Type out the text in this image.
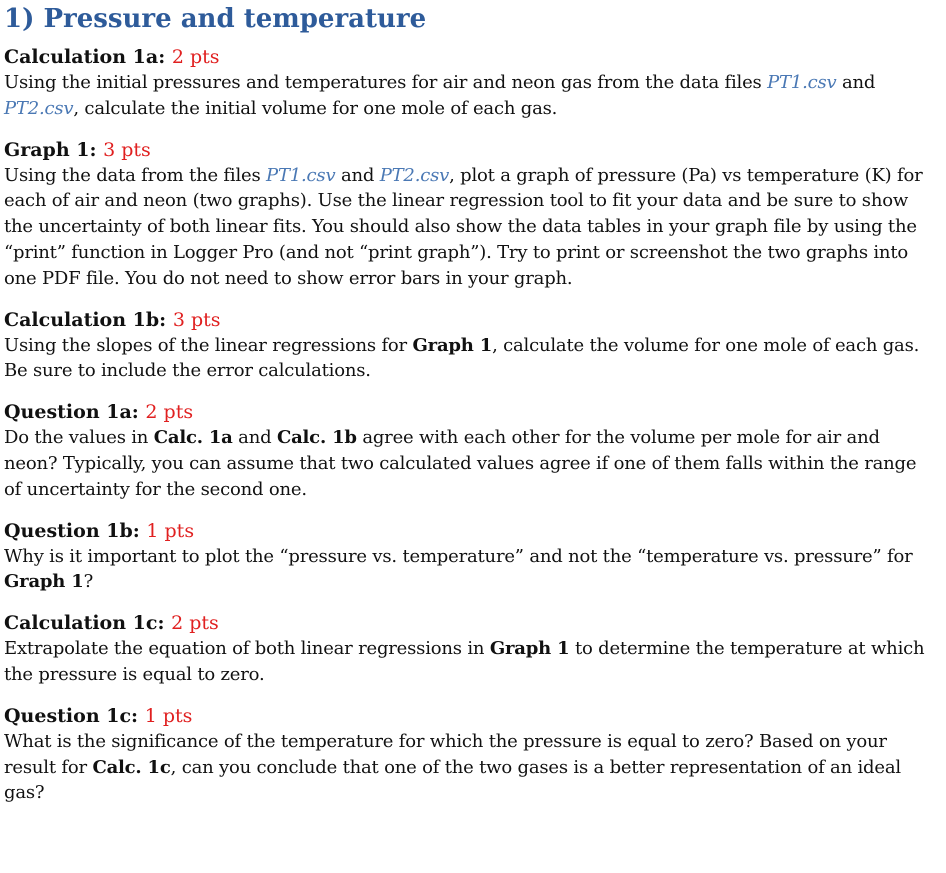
1) Pressure and temperature

Calculation 1a: 2 pts

Using the initial pressures and temperatures for air and neon gas from the data files PT1.csv and PT2.csv, calculate the initial volume for one mole of each gas.

Graph 1: 3 pts

Using the data from the files PT1.csv and PT2.csv, plot a graph of pressure (Pa) vs temperature (K) for each of air and neon (two graphs). Use the linear regression tool to fit your data and be sure to show the uncertainty of both linear fits. You should also show the data tables in your graph file by using the “print” function in Logger Pro (and not “print graph”). Try to print or screenshot the two graphs into one PDF file. You do not need to show error bars in your graph.

Calculation 1b: 3 pts

Using the slopes of the linear regressions for Graph 1, calculate the volume for one mole of each gas. Be sure to include the error calculations.

Question 1a: 2 pts

Do the values in Calc. 1a and Calc. 1b agree with each other for the volume per mole for air and neon? Typically, you can assume that two calculated values agree if one of them falls within the range of uncertainty for the second one.

Question 1b: 1 pts

Why is it important to plot the “pressure vs. temperature” and not the “temperature vs. pressure” for Graph 1?

Calculation 1c: 2 pts

Extrapolate the equation of both linear regressions in Graph 1 to determine the temperature at which the pressure is equal to zero.

Question 1c: 1 pts

What is the significance of the temperature for which the pressure is equal to zero? Based on your result for Calc. 1c, can you conclude that one of the two gases is a better representation of an ideal gas?
